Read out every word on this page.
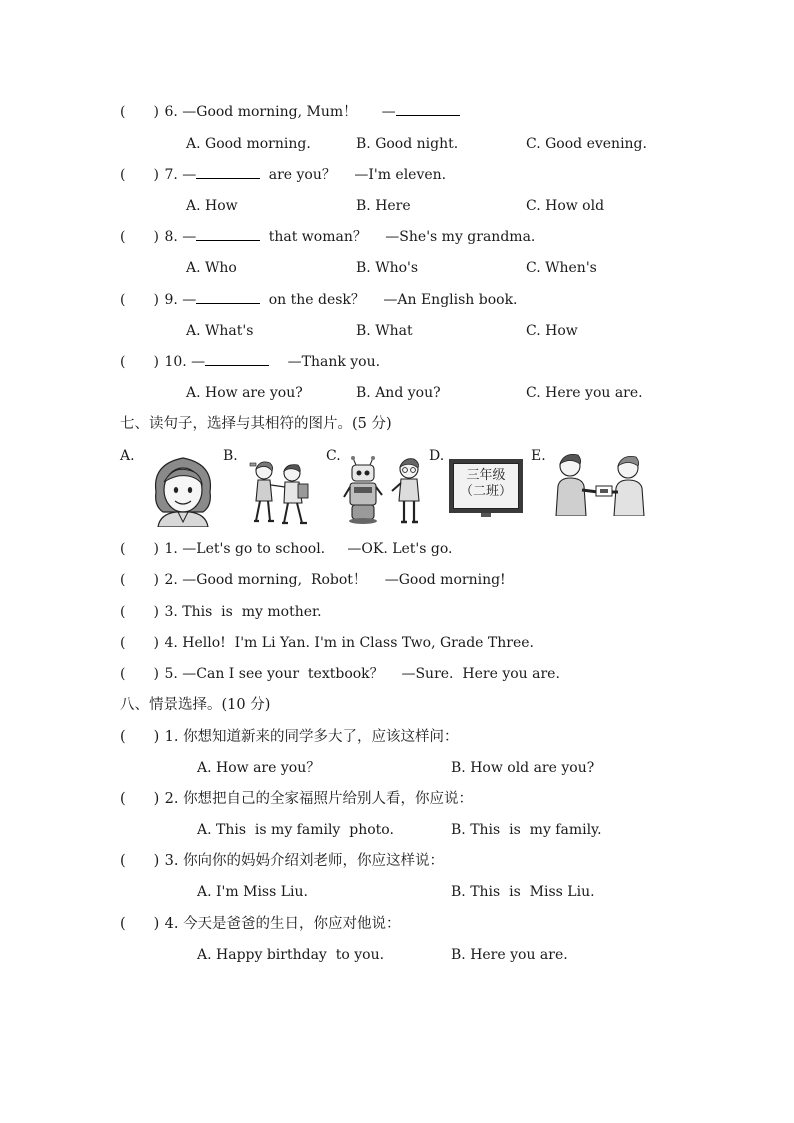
( ) 6. —Good morning, Mum！ —
A. Good morning.	B. Good night.	C. Good evening.
( ) 7. —	are you？ —I'm eleven.
A. How	B. Here	C. How old
( ) 8. —	that woman？ —She's my grandma.
A. Who	B. Who's	C. When's
( ) 9. —	on the desk？ —An English book.
A. What's	B. What	C. How
( ) 10. —	—Thank you.
A. How are you?	B. And you?	C. Here you are.
七、读句子，选择与其相符的图片。(5 分)
A.	B.	C.	D.	E.
三年级
（二班）
( ) 1. —Let's go to school.     —OK. Let's go.
( ) 2. —Good morning,  Robot！    —Good morning!
( ) 3. This  is  my mother.
( ) 4. Hello!  I'm Li Yan. I'm in Class Two, Grade Three.
( ) 5. —Can I see your  textbook？    —Sure.  Here you are.
八、情景选择。(10 分)
( ) 1. 你想知道新来的同学多大了，应该这样问：
A. How are you？	B. How old are you?
( ) 2. 你想把自己的全家福照片给别人看，你应说：
A. This  is my family  photo.	B. This  is  my family.
( ) 3. 你向你的妈妈介绍刘老师，你应这样说：
A. I'm Miss Liu.	B. This  is  Miss Liu.
( ) 4. 今天是爸爸的生日，你应对他说：
A. Happy birthday  to you.	B. Here you are.
